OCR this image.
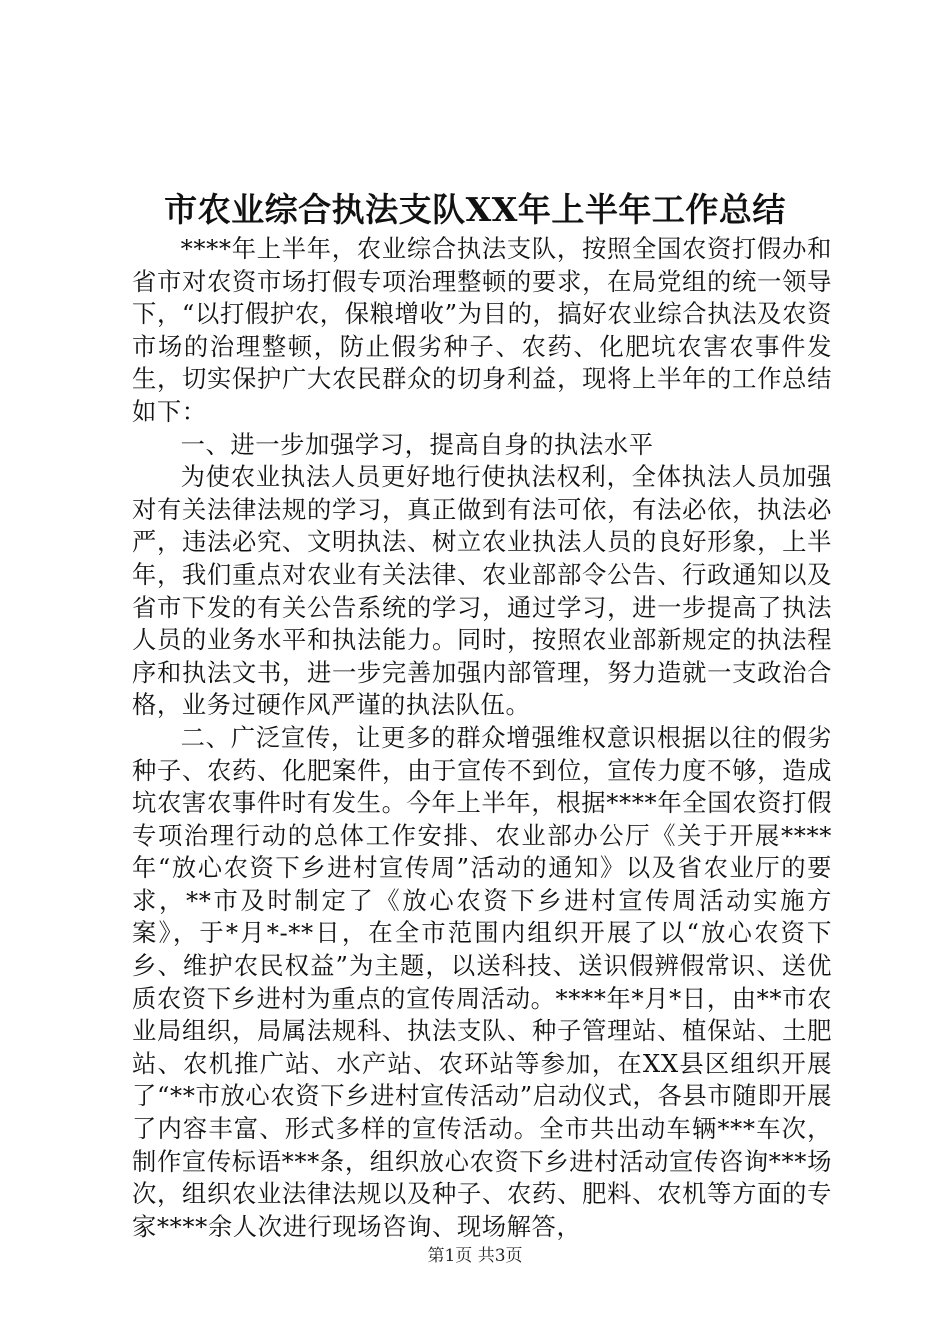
市农业综合执法支队XX年上半年工作总结

****年上半年，农业综合执法支队，按照全国农资打假办和省市对农资市场打假专项治理整顿的要求，在局党组的统一领导下，“以打假护农，保粮增收”为目的，搞好农业综合执法及农资市场的治理整顿，防止假劣种子、农药、化肥坑农害农事件发生，切实保护广大农民群众的切身利益，现将上半年的工作总结如下：

一、进一步加强学习，提高自身的执法水平

为使农业执法人员更好地行使执法权利，全体执法人员加强对有关法律法规的学习，真正做到有法可依，有法必依，执法必严，违法必究、文明执法、树立农业执法人员的良好形象，上半年，我们重点对农业有关法律、农业部部令公告、行政通知以及省市下发的有关公告系统的学习，通过学习，进一步提高了执法人员的业务水平和执法能力。同时，按照农业部新规定的执法程序和执法文书，进一步完善加强内部管理，努力造就一支政治合格，业务过硬作风严谨的执法队伍。

二、广泛宣传，让更多的群众增强维权意识根据以往的假劣种子、农药、化肥案件，由于宣传不到位，宣传力度不够，造成坑农害农事件时有发生。今年上半年，根据****年全国农资打假专项治理行动的总体工作安排、农业部办公厅《关于开展****年“放心农资下乡进村宣传周”活动的通知》以及省农业厅的要求，**市及时制定了《放心农资下乡进村宣传周活动实施方案》，于*月*-**日，在全市范围内组织开展了以“放心农资下乡、维护农民权益”为主题，以送科技、送识假辨假常识、送优质农资下乡进村为重点的宣传周活动。****年*月*日，由**市农业局组织，局属法规科、执法支队、种子管理站、植保站、土肥站、农机推广站、水产站、农环站等参加，在XX县区组织开展了“**市放心农资下乡进村宣传活动”启动仪式，各县市随即开展了内容丰富、形式多样的宣传活动。全市共出动车辆***车次，制作宣传标语***条，组织放心农资下乡进村活动宣传咨询***场次，组织农业法律法规以及种子、农药、肥料、农机等方面的专家****余人次进行现场咨询、现场解答，

第1页 共3页
